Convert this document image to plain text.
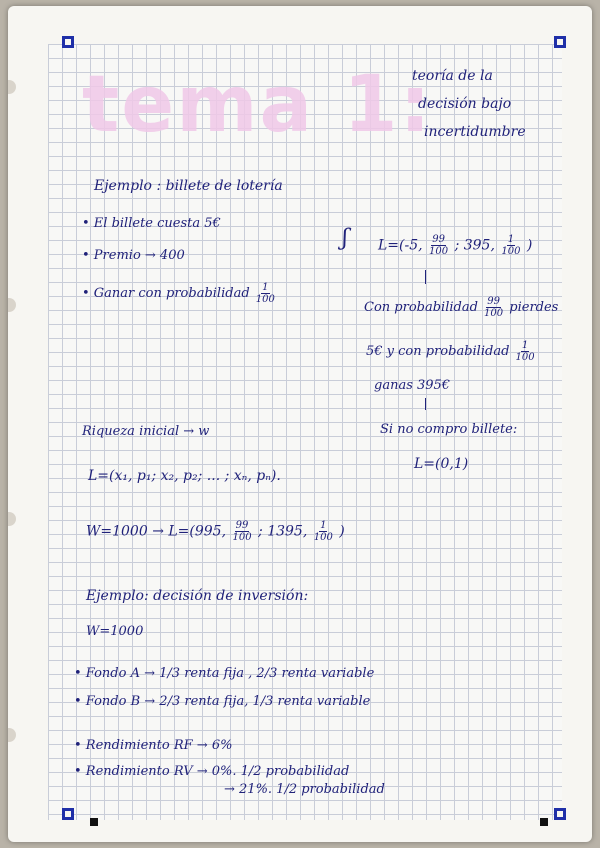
tema 1:
teoría de la
decisión bajo
incertidumbre
Ejemplo : billete de lotería
• El billete cuesta 5€
• Premio → 400
• Ganar con probabilidad $\frac{1}{100}$
ʃ L=(-5, $\frac{99}{100}$ ; 395, $\frac{1}{100}$ )
Con probabilidad $\frac{99}{100}$ pierdes
5€ y con probabilidad $\frac{1}{100}$
ganas 395€
Si no compro billete:
L=(0,1)
Riqueza inicial → w
L=(x₁, p₁; x₂, p₂; ... ; xₙ, pₙ).
W=1000 → L=(995, $\frac{99}{100}$ ; 1395, $\frac{1}{100}$ )
Ejemplo: decisión de inversión:
W=1000
• Fondo A → 1/3 renta fija , 2/3 renta variable
• Fondo B → 2/3 renta fija, 1/3 renta variable
• Rendimiento RF → 6%
• Rendimiento RV → 0%. 1/2 probabilidad
→ 21%. 1/2 probabilidad
